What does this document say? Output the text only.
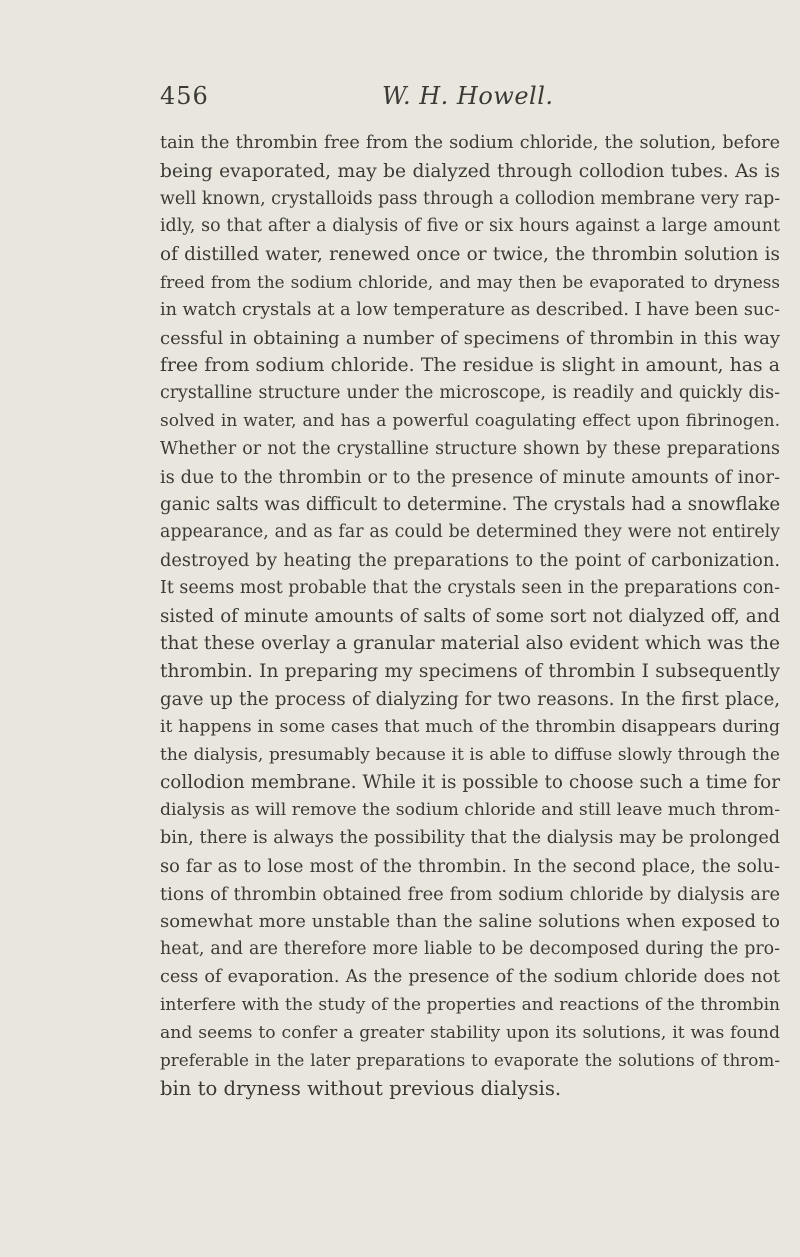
456	W. H. Howell.
tain the thrombin free from the sodium chloride, the solution, before
being evaporated, may be dialyzed through collodion tubes. As is
well known, crystalloids pass through a collodion membrane very rap-
idly, so that after a dialysis of five or six hours against a large amount
of distilled water, renewed once or twice, the thrombin solution is
freed from the sodium chloride, and may then be evaporated to dryness
in watch crystals at a low temperature as described. I have been suc-
cessful in obtaining a number of specimens of thrombin in this way
free from sodium chloride. The residue is slight in amount, has a
crystalline structure under the microscope, is readily and quickly dis-
solved in water, and has a powerful coagulating effect upon fibrinogen.
Whether or not the crystalline structure shown by these preparations
is due to the thrombin or to the presence of minute amounts of inor-
ganic salts was difficult to determine. The crystals had a snowflake
appearance, and as far as could be determined they were not entirely
destroyed by heating the preparations to the point of carbonization.
It seems most probable that the crystals seen in the preparations con-
sisted of minute amounts of salts of some sort not dialyzed off, and
that these overlay a granular material also evident which was the
thrombin. In preparing my specimens of thrombin I subsequently
gave up the process of dialyzing for two reasons. In the first place,
it happens in some cases that much of the thrombin disappears during
the dialysis, presumably because it is able to diffuse slowly through the
collodion membrane. While it is possible to choose such a time for
dialysis as will remove the sodium chloride and still leave much throm-
bin, there is always the possibility that the dialysis may be prolonged
so far as to lose most of the thrombin. In the second place, the solu-
tions of thrombin obtained free from sodium chloride by dialysis are
somewhat more unstable than the saline solutions when exposed to
heat, and are therefore more liable to be decomposed during the pro-
cess of evaporation. As the presence of the sodium chloride does not
interfere with the study of the properties and reactions of the thrombin
and seems to confer a greater stability upon its solutions, it was found
preferable in the later preparations to evaporate the solutions of throm-
bin to dryness without previous dialysis.
